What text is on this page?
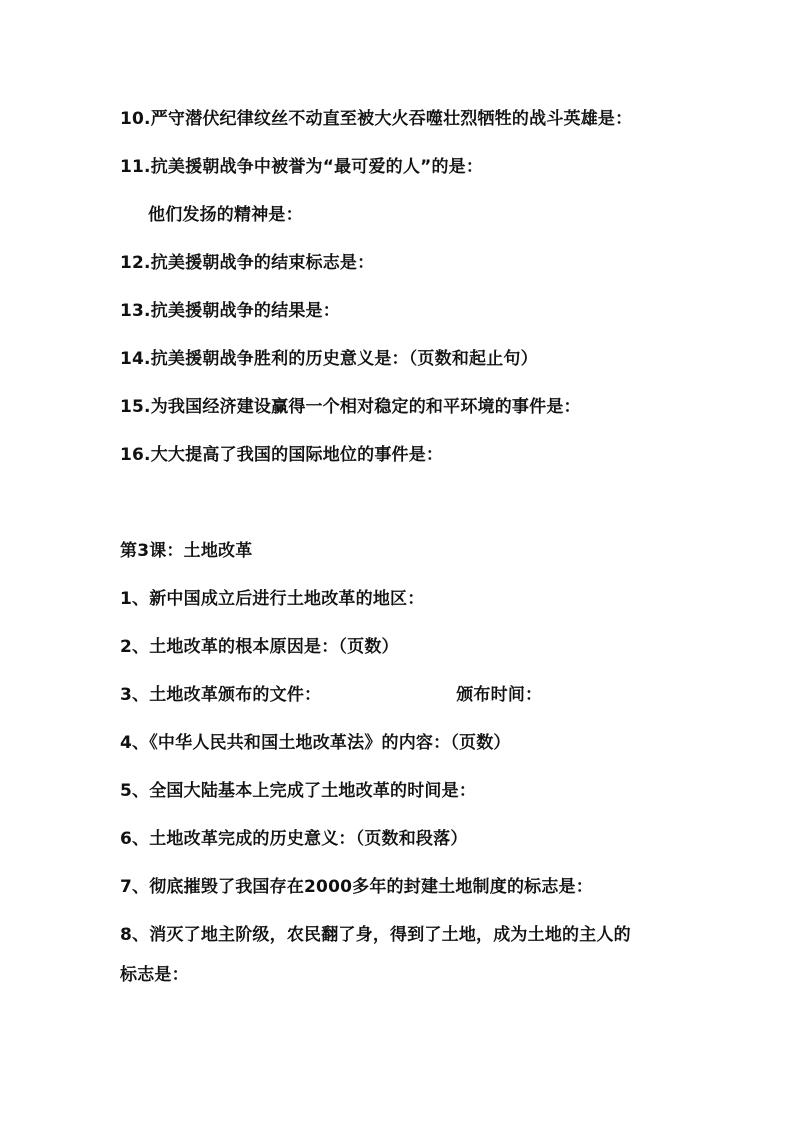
10.严守潜伏纪律纹丝不动直至被大火吞噬壮烈牺牲的战斗英雄是：
11.抗美援朝战争中被誉为“最可爱的人”的是：
他们发扬的精神是：
12.抗美援朝战争的结束标志是：
13.抗美援朝战争的结果是：
14.抗美援朝战争胜利的历史意义是：（页数和起止句）
15.为我国经济建设赢得一个相对稳定的和平环境的事件是：
16.大大提高了我国的国际地位的事件是：
第3课：土地改革
1、新中国成立后进行土地改革的地区：
2、土地改革的根本原因是：（页数）
3、土地改革颁布的文件：	颁布时间：
4、《中华人民共和国土地改革法》的内容：（页数）
5、全国大陆基本上完成了土地改革的时间是：
6、土地改革完成的历史意义：（页数和段落）
7、彻底摧毁了我国存在2000多年的封建土地制度的标志是：
8、消灭了地主阶级，农民翻了身，得到了土地，成为土地的主人的
标志是：
